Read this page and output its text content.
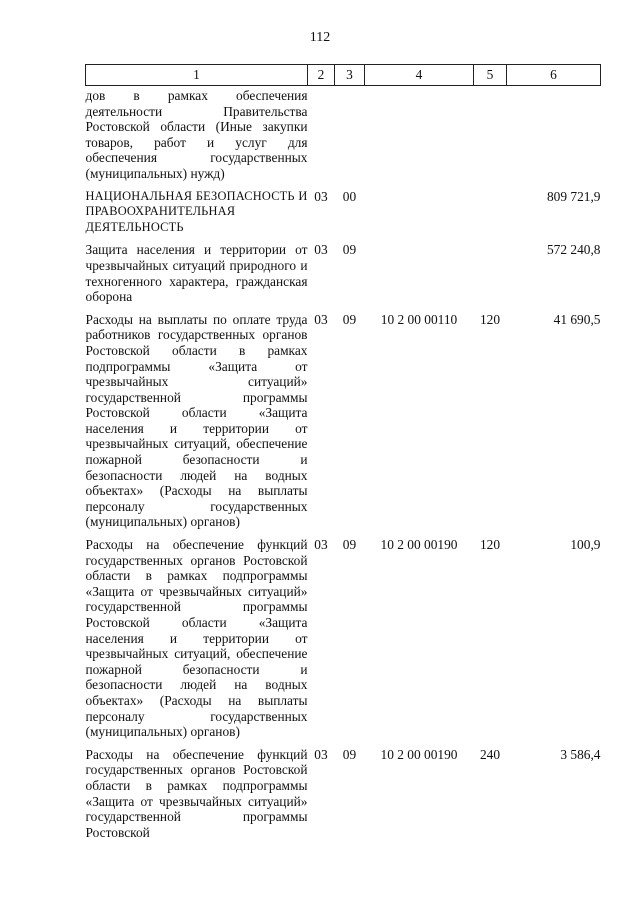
112
1	2	3	4	5	6
дов в рамках обеспечения деятельности Правительства Ростовской области (Иные закупки товаров, работ и услуг для обеспечения государственных (муниципальных) нужд)					
НАЦИОНАЛЬНАЯ БЕЗОПАСНОСТЬ И ПРАВООХРАНИТЕЛЬНАЯ ДЕЯТЕЛЬНОСТЬ	03	00			809 721,9
Защита населения и территории от чрезвычайных ситуаций природного и техногенного характера, гражданская оборона	03	09			572 240,8
Расходы на выплаты по оплате труда работников государственных органов Ростовской области в рамках подпрограммы «Защита от чрезвычайных ситуаций» государственной программы Ростовской области «Защита населения и территории от чрезвычайных ситуаций, обеспечение пожарной безопасности и безопасности людей на водных объектах» (Расходы на выплаты персоналу государственных (муниципальных) органов)	03	09	10 2 00 00110	120	41 690,5
Расходы на обеспечение функций государственных органов Ростовской области в рамках подпрограммы «Защита от чрезвычайных ситуаций» государственной программы Ростовской области «Защита населения и территории от чрезвычайных ситуаций, обеспечение пожарной безопасности и безопасности людей на водных объектах» (Расходы на выплаты персоналу государственных (муниципальных) органов)	03	09	10 2 00 00190	120	100,9
Расходы на обеспечение функций государственных органов Ростовской области в рамках подпрограммы «Защита от чрезвычайных ситуаций» государственной программы Ростовской	03	09	10 2 00 00190	240	3 586,4
